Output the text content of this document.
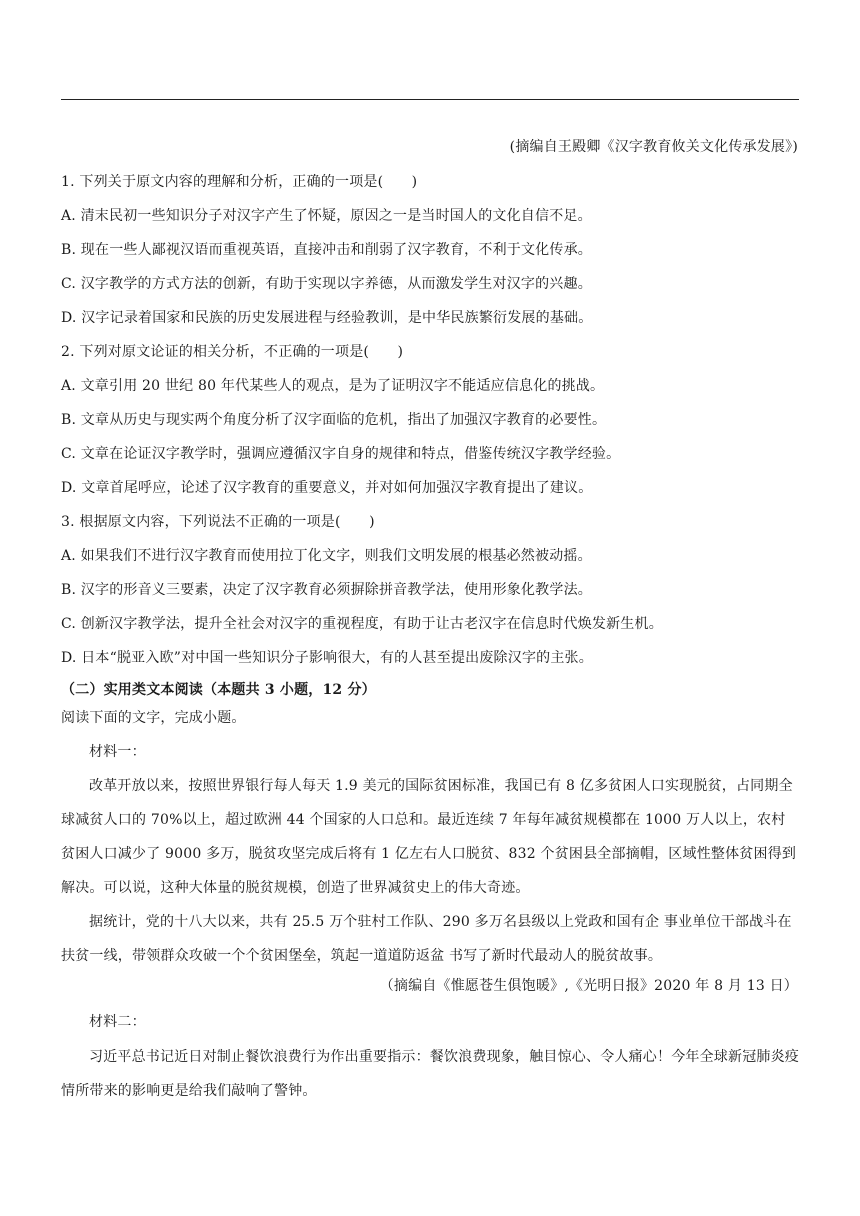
(摘编自王殿卿《汉字教育攸关文化传承发展》)
1. 下列关于原文内容的理解和分析，正确的一项是(　　)
A. 清末民初一些知识分子对汉字产生了怀疑，原因之一是当时国人的文化自信不足。
B. 现在一些人鄙视汉语而重视英语，直接冲击和削弱了汉字教育，不利于文化传承。
C. 汉字教学的方式方法的创新，有助于实现以字养德，从而激发学生对汉字的兴趣。
D. 汉字记录着国家和民族的历史发展进程与经验教训，是中华民族繁衍发展的基础。
2. 下列对原文论证的相关分析，不正确的一项是(　　)
A. 文章引用 20 世纪 80 年代某些人的观点，是为了证明汉字不能适应信息化的挑战。
B. 文章从历史与现实两个角度分析了汉字面临的危机，指出了加强汉字教育的必要性。
C. 文章在论证汉字教学时，强调应遵循汉字自身的规律和特点，借鉴传统汉字教学经验。
D. 文章首尾呼应，论述了汉字教育的重要意义，并对如何加强汉字教育提出了建议。
3. 根据原文内容，下列说法不正确的一项是(　　)
A. 如果我们不进行汉字教育而使用拉丁化文字，则我们文明发展的根基必然被动摇。
B. 汉字的形音义三要素，决定了汉字教育必须摒除拼音教学法，使用形象化教学法。
C. 创新汉字教学法，提升全社会对汉字的重视程度，有助于让古老汉字在信息时代焕发新生机。
D. 日本“脱亚入欧”对中国一些知识分子影响很大，有的人甚至提出废除汉字的主张。
（二）实用类文本阅读（本题共 3 小题，12 分）
阅读下面的文字，完成小题。
材料一：
改革开放以来，按照世界银行每人每天 1.9 美元的国际贫困标准，我国已有 8 亿多贫困人口实现脱贫，占同期全球减贫人口的 70%以上，超过欧洲 44 个国家的人口总和。最近连续 7 年每年减贫规模都在 1000 万人以上，农村贫困人口减少了 9000 多万，脱贫攻坚完成后将有 1 亿左右人口脱贫、832 个贫困县全部摘帽，区域性整体贫困得到解决。可以说，这种大体量的脱贫规模，创造了世界减贫史上的伟大奇迹。
据统计，党的十八大以来，共有 25.5 万个驻村工作队、290 多万名县级以上党政和国有企 事业单位干部战斗在扶贫一线，带领群众攻破一个个贫困堡垒，筑起一道道防返盆 书写了新时代最动人的脱贫故事。
（摘编自《惟愿苍生俱饱暖》,《光明日报》2020 年 8 月 13 日）
材料二：
习近平总书记近日对制止餐饮浪费行为作出重要指示：餐饮浪费现象，触目惊心、令人痛心！今年全球新冠肺炎疫情所带来的影响更是给我们敲响了警钟。
